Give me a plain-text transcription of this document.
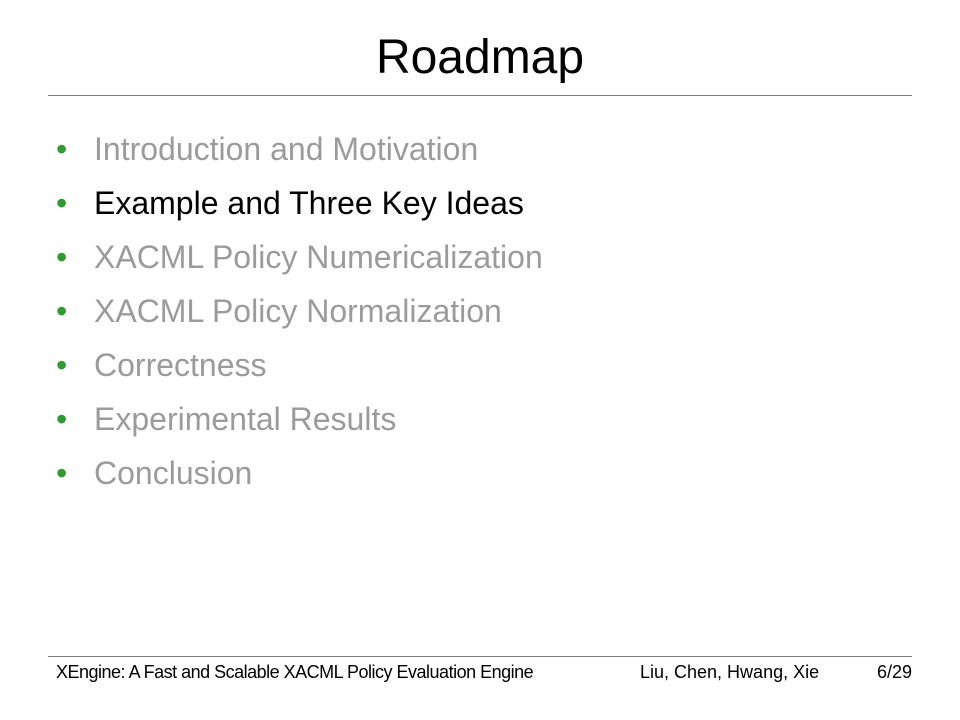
Roadmap
• Introduction and Motivation
• Example and Three Key Ideas
• XACML Policy Numericalization
• XACML Policy Normalization
• Correctness
• Experimental Results
• Conclusion
XEngine: A Fast and Scalable XACML Policy Evaluation Engine	Liu, Chen, Hwang, Xie	6/29
